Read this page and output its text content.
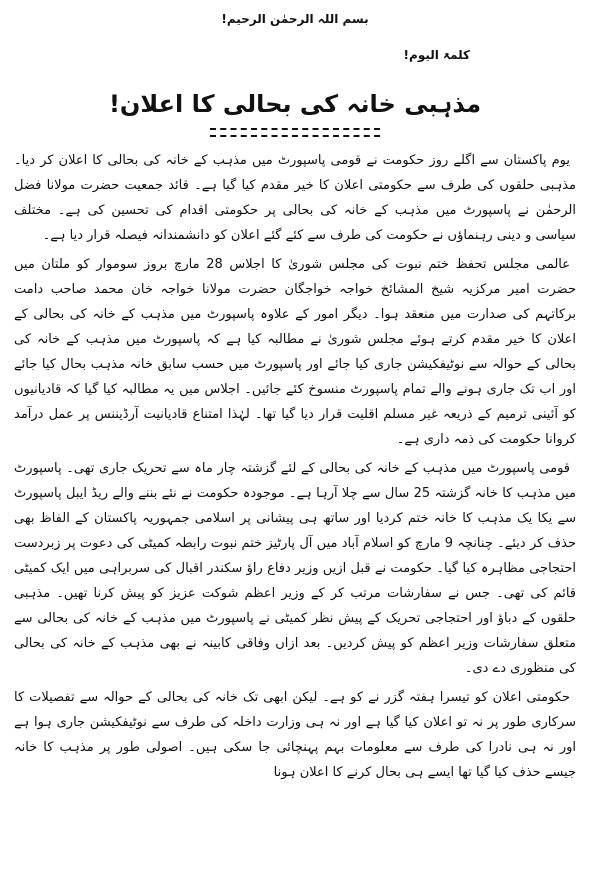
بسم اللہ الرحمٰن الرحیم!
کلمۃ الیوم!
مذہبی خانہ کی بحالی کا اعلان!

یوم پاکستان سے اگلے روز حکومت نے قومی پاسپورٹ میں مذہب کے خانہ کی بحالی کا اعلان کر دیا۔ مذہبی حلقوں کی طرف سے حکومتی اعلان کا خیر مقدم کیا گیا ہے۔ قائد جمعیت حضرت مولانا فضل الرحمٰن نے پاسپورٹ میں مذہب کے خانہ کی بحالی پر حکومتی اقدام کی تحسین کی ہے۔ مختلف سیاسی و دینی رہنماؤں نے حکومت کی طرف سے کئے گئے اعلان کو دانشمندانہ فیصلہ قرار دیا ہے۔

عالمی مجلس تحفظ ختم نبوت کی مجلس شوریٰ کا اجلاس 28 مارچ بروز سوموار کو ملتان میں حضرت امیر مرکزیہ شیخ المشائخ خواجہ خواجگان حضرت مولانا خواجہ خان محمد صاحب دامت برکاتہم کی صدارت میں منعقد ہوا۔ دیگر امور کے علاوہ پاسپورٹ میں مذہب کے خانہ کی بحالی کے اعلان کا خیر مقدم کرتے ہوئے مجلس شوریٰ نے مطالبہ کیا ہے کہ پاسپورٹ میں مذہب کے خانہ کی بحالی کے حوالہ سے نوٹیفکیشن جاری کیا جائے اور پاسپورٹ میں حسب سابق خانہ مذہب بحال کیا جائے اور اب تک جاری ہونے والے تمام پاسپورٹ منسوخ کئے جائیں۔ اجلاس میں یہ مطالبہ کیا گیا کہ قادیانیوں کو آئینی ترمیم کے ذریعہ غیر مسلم اقلیت قرار دیا گیا تھا۔ لہٰذا امتناع قادیانیت آرڈیننس پر عمل درآمد کروانا حکومت کی ذمہ داری ہے۔

قومی پاسپورٹ میں مذہب کے خانہ کی بحالی کے لئے گزشتہ چار ماہ سے تحریک جاری تھی۔ پاسپورٹ میں مذہب کا خانہ گزشتہ 25 سال سے چلا آرہا ہے۔ موجودہ حکومت نے نئے بننے والے ریڈ ایبل پاسپورٹ سے یکا یک مذہب کا خانہ ختم کردیا اور ساتھ ہی پیشانی پر اسلامی جمہوریہ پاکستان کے الفاظ بھی حذف کر دیئے۔ چنانچہ 9 مارچ کو اسلام آباد میں آل پارٹیز ختم نبوت رابطہ کمیٹی کی دعوت پر زبردست احتجاجی مظاہرہ کیا گیا۔ حکومت نے قبل ازیں وزیر دفاع راؤ سکندر اقبال کی سربراہی میں ایک کمیٹی قائم کی تھی۔ جس نے سفارشات مرتب کر کے وزیر اعظم شوکت عزیز کو پیش کرنا تھیں۔ مذہبی حلقوں کے دباؤ اور احتجاجی تحریک کے پیش نظر کمیٹی نے پاسپورٹ میں مذہب کے خانہ کی بحالی سے متعلق سفارشات وزیر اعظم کو پیش کردیں۔ بعد ازاں وفاقی کابینہ نے بھی مذہب کے خانہ کی بحالی کی منظوری دے دی۔

حکومتی اعلان کو تیسرا ہفتہ گزر نے کو ہے۔ لیکن ابھی تک خانہ کی بحالی کے حوالہ سے تفصیلات کا سرکاری طور پر نہ تو اعلان کیا گیا ہے اور نہ ہی وزارت داخلہ کی طرف سے نوٹیفکیشن جاری ہوا ہے اور نہ ہی نادرا کی طرف سے معلومات بہم پہنچائی جا سکی ہیں۔ اصولی طور پر مذہب کا خانہ جیسے حذف کیا گیا تھا ایسے ہی بحال کرنے کا اعلان ہونا
